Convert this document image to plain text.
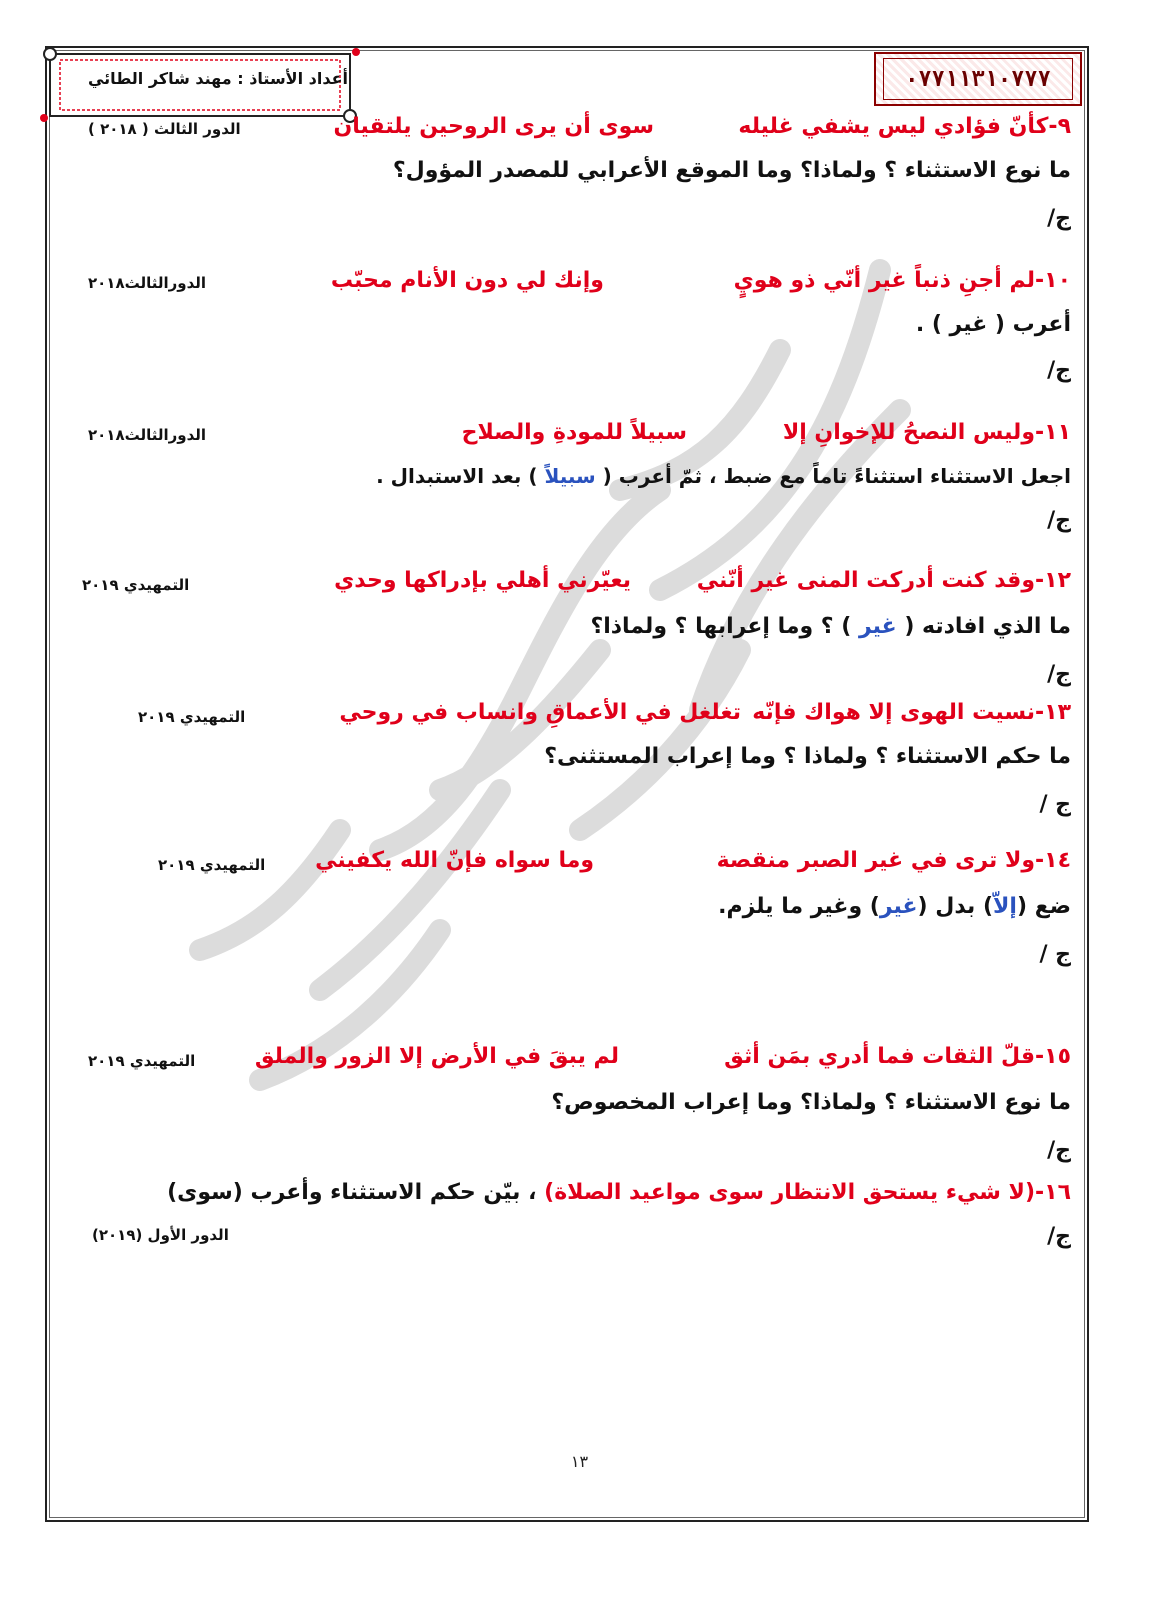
٠٧٧١١٣١٠٧٧٧
أعداد الأستاذ : مهند شاكر الطائي
٩-كأنّ فؤادي ليس يشفي غليله
سوى أن يرى الروحين يلتقيان
الدور الثالث ( ٢٠١٨ )
ما نوع الاستثناء ؟ ولماذا؟ وما الموقع الأعرابي للمصدر المؤول؟
ج/
١٠-لم أجنِ ذنباً غير أنّي ذو هويٍ
وإنك لي دون الأنام محبّب
الدورالثالث٢٠١٨
أعرب ( غير ) .
ج/
١١-وليس النصحُ للإخوانِ إلا
سبيلاً للمودةِ والصلاح
الدورالثالث٢٠١٨
اجعل الاستثناء استثناءً تاماً مع ضبط ، ثمّ أعرب ( سبيلاً ) بعد الاستبدال .
ج/
١٢-وقد كنت أدركت المنى غير أنّني
يعيّرني أهلي بإدراكها وحدي
التمهيدي ٢٠١٩
ما الذي افادته ( غير ) ؟ وما إعرابها ؟ ولماذا؟
ج/
١٣-نسيت الهوى إلا هواك فإنّه
تغلغل في الأعماقِ وانساب في روحي
التمهيدي ٢٠١٩
ما حكم الاستثناء ؟ ولماذا ؟ وما إعراب المستثنى؟
ج /
١٤-ولا ترى في غير الصبر منقصة
وما سواه فإنّ الله يكفيني
التمهيدي ٢٠١٩
ضع (إلاّ) بدل (غير) وغير ما يلزم.
ج /
١٥-قلّ الثقات فما أدري بمَن أثق
لم يبقَ في الأرض إلا الزور والملق
التمهيدي ٢٠١٩
ما نوع الاستثناء ؟ ولماذا؟ وما إعراب المخصوص؟
ج/
١٦-(لا شيء يستحق الانتظار سوى مواعيد الصلاة) ، بيّن حكم الاستثناء وأعرب (سوى)
الدور الأول (٢٠١٩)	ج/
١٣
